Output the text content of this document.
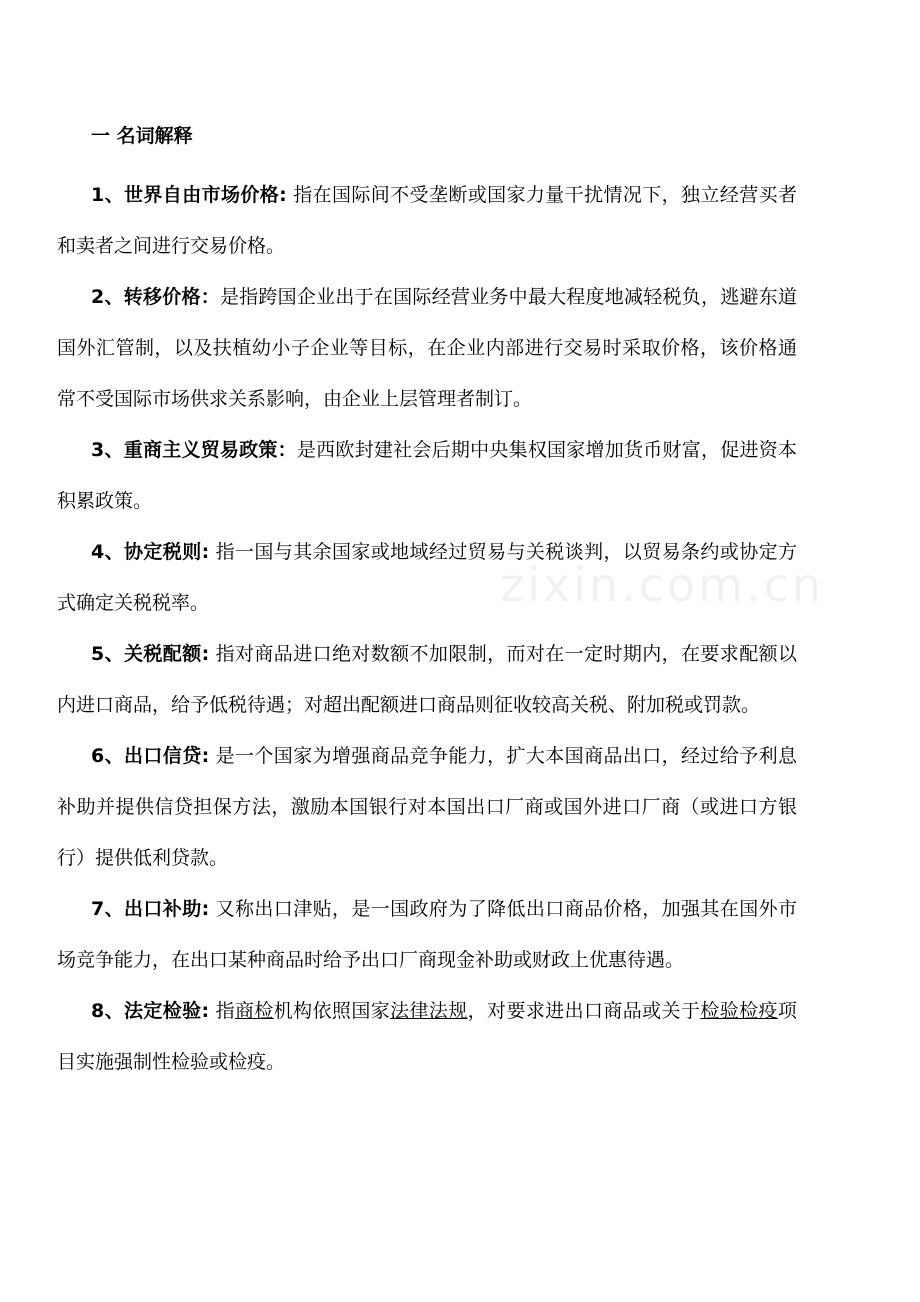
zixin.com.cn
一 名词解释

1、世界自由市场价格: 指在国际间不受垄断或国家力量干扰情况下，独立经营买者和卖者之间进行交易价格。

2、转移价格：是指跨国企业出于在国际经营业务中最大程度地减轻税负，逃避东道国外汇管制，以及扶植幼小子企业等目标，在企业内部进行交易时采取价格，该价格通常不受国际市场供求关系影响，由企业上层管理者制订。

3、重商主义贸易政策：是西欧封建社会后期中央集权国家增加货币财富，促进资本积累政策。

4、协定税则: 指一国与其余国家或地域经过贸易与关税谈判，以贸易条约或协定方式确定关税税率。

5、关税配额: 指对商品进口绝对数额不加限制，而对在一定时期内，在要求配额以内进口商品，给予低税待遇；对超出配额进口商品则征收较高关税、附加税或罚款。

6、出口信贷: 是一个国家为增强商品竞争能力，扩大本国商品出口，经过给予利息补助并提供信贷担保方法，激励本国银行对本国出口厂商或国外进口厂商（或进口方银行）提供低利贷款。

7、出口补助: 又称出口津贴，是一国政府为了降低出口商品价格，加强其在国外市场竞争能力，在出口某种商品时给予出口厂商现金补助或财政上优惠待遇。

8、法定检验: 指商检机构依照国家法律法规，对要求进出口商品或关于检验检疫项目实施强制性检验或检疫。
